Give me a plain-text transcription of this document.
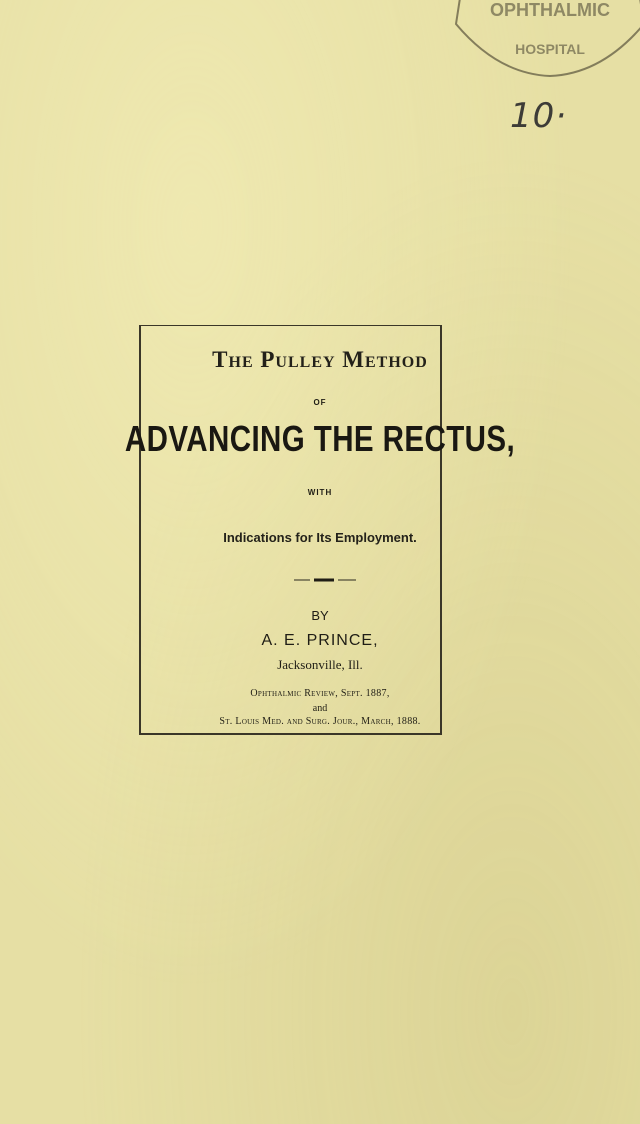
OPHTHALMIC
HOSPITAL
10·
The Pulley Method
OF
ADVANCING THE RECTUS,
WITH
Indications for Its Employment.
BY
A. E. PRINCE,
Jacksonville, Ill.
Ophthalmic Review, Sept. 1887,
and
St. Louis Med. and Surg. Jour., March, 1888.
